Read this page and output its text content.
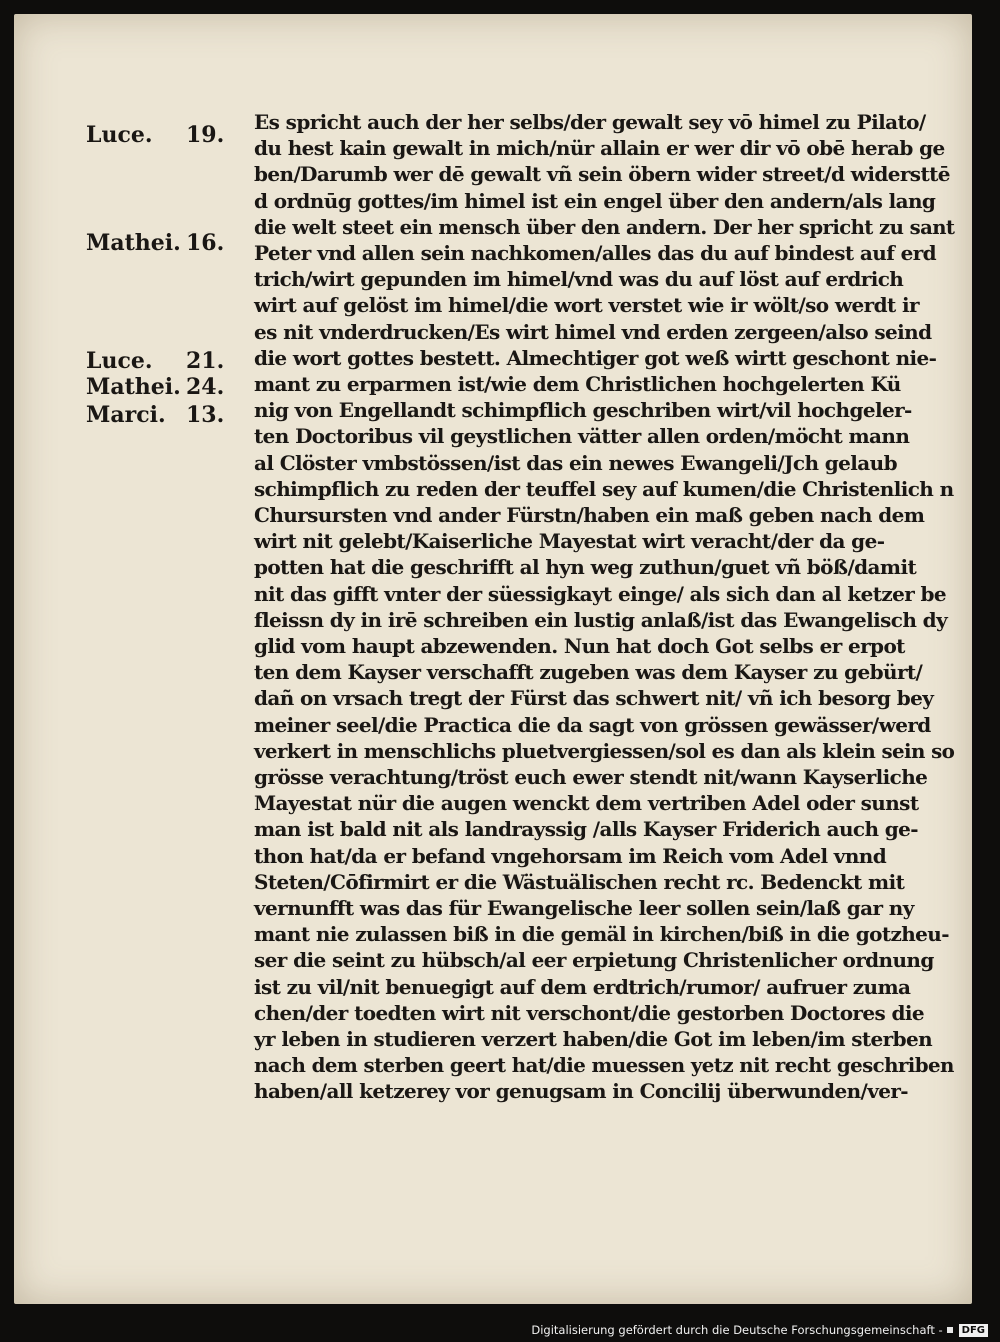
Luce. 19.
Mathei. 16.
Luce. 21.
Mathei. 24.
Marci. 13.
Es spricht auch der her selbs/der gewalt sey vō himel zu Pilato/
du hest kain gewalt in mich/nür allain er wer dir vō obē herab ge
ben/Darumb wer dē gewalt vñ sein öbern wider street/d widersttē
d ordnūg gottes/im himel ist ein engel über den andern/als lang
die welt steet ein mensch über den andern. Der her spricht zu sant
Peter vnd allen sein nachkomen/alles das du auf bindest auf erd
trich/wirt gepunden im himel/vnd was du auf löst auf erdrich
wirt auf gelöst im himel/die wort verstet wie ir wölt/so werdt ir
es nit vnderdrucken/Es wirt himel vnd erden zergeen/also seind
die wort gottes bestett. Almechtiger got weß wirtt geschont nie-
mant zu erparmen ist/wie dem Christlichen hochgelerten Kü
nig von Engellandt schimpflich geschriben wirt/vil hochgeler-
ten Doctoribus vil geystlichen vätter allen orden/möcht mann
al Clöster vmbstössen/ist das ein newes Ewangeli/Jch gelaub
schimpflich zu reden der teuffel sey auf kumen/die Christenlich n
Chursursten vnd ander Fürstn/haben ein maß geben nach dem
wirt nit gelebt/Kaiserliche Mayestat wirt veracht/der da ge-
potten hat die geschrifft al hyn weg zuthun/guet vñ böß/damit
nit das gifft vnter der süessigkayt einge/ als sich dan al ketzer be
fleissn dy in irē schreiben ein lustig anlaß/ist das Ewangelisch dy
glid vom haupt abzewenden. Nun hat doch Got selbs er erpot
ten dem Kayser verschafft zugeben was dem Kayser zu gebürt/
dañ on vrsach tregt der Fürst das schwert nit/ vñ ich besorg bey
meiner seel/die Practica die da sagt von grössen gewässer/werd
verkert in menschlichs pluetvergiessen/sol es dan als klein sein so
grösse verachtung/tröst euch ewer stendt nit/wann Kayserliche
Mayestat nür die augen wenckt dem vertriben Adel oder sunst
man ist bald nit als landrayssig /alls Kayser Friderich auch ge-
thon hat/da er befand vngehorsam im Reich vom Adel vnnd
Steten/Cōfirmirt er die Wästuälischen recht rc. Bedenckt mit
vernunfft was das für Ewangelische leer sollen sein/laß gar ny
mant nie zulassen biß in die gemäl in kirchen/biß in die gotzheu-
ser die seint zu hübsch/al eer erpietung Christenlicher ordnung
ist zu vil/nit benuegigt auf dem erdtrich/rumor/ aufruer zuma
chen/der toedten wirt nit verschont/die gestorben Doctores die
yr leben in studieren verzert haben/die Got im leben/im sterben
nach dem sterben geert hat/die muessen yetz nit recht geschriben
haben/all ketzerey vor genugsam in Concilij überwunden/ver-
Digitalisierung gefördert durch die Deutsche Forschungsgemeinschaft -	DFG
